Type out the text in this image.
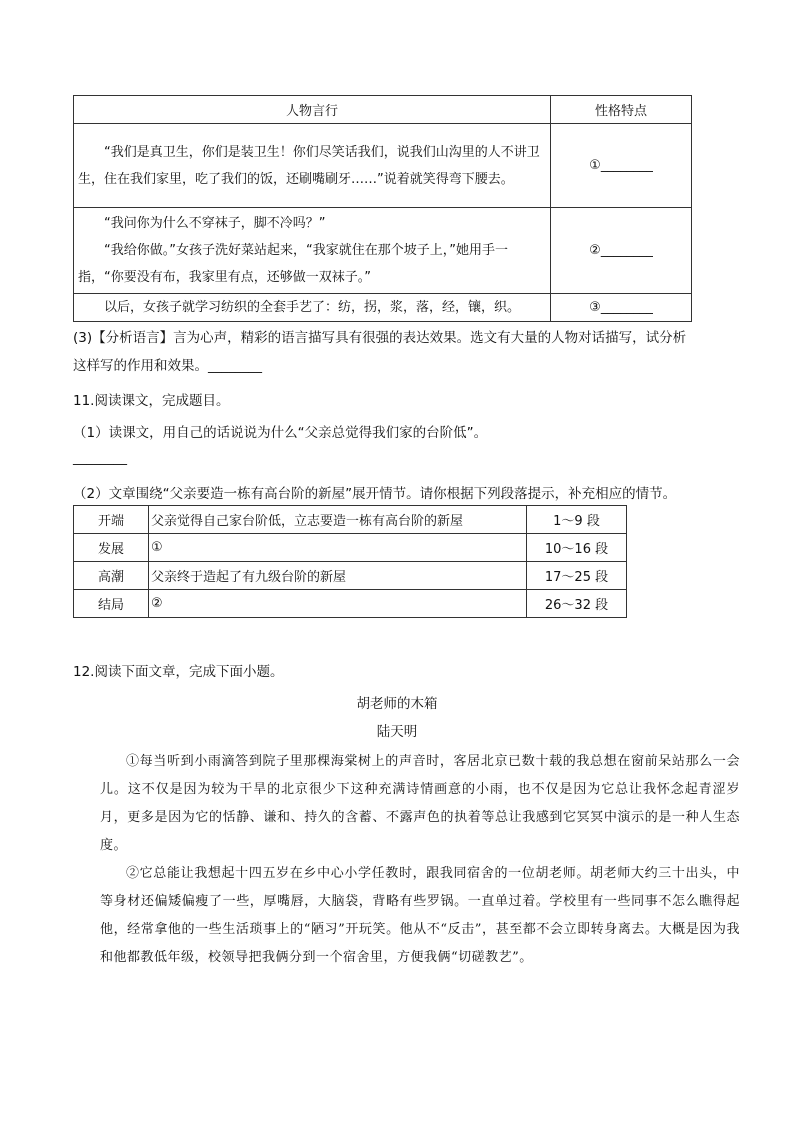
人物言行	性格特点

“我们是真卫生，你们是装卫生！你们尽笑话我们，说我们山沟里的人不讲卫生，住在我们家里，吃了我们的饭，还刷嘴刷牙……”说着就笑得弯下腰去。	①________

“我问你为什么不穿袜子，脚不冷吗？”

“我给你做。”女孩子洗好菜站起来，“我家就住在那个坡子上，”她用手一指，“你要没有布，我家里有点，还够做一双袜子。”	②________

以后，女孩子就学习纺织的全套手艺了：纺，拐，浆，落，经，镶，织。	③________
(3)【分析语言】言为心声，精彩的语言描写具有很强的表达效果。选文有大量的人物对话描写，试分析
这样写的作用和效果。________
11.阅读课文，完成题目。
（1）读课文，用自己的话说说为什么“父亲总觉得我们家的台阶低”。
________
（2）文章围绕“父亲要造一栋有高台阶的新屋”展开情节。请你根据下列段落提示，补充相应的情节。
开端	父亲觉得自己家台阶低，立志要造一栋有高台阶的新屋	1～9 段
发展	①	10～16 段
高潮	父亲终于造起了有九级台阶的新屋	17～25 段
结局	②	26～32 段
12.阅读下面文章，完成下面小题。
胡老师的木箱
陆天明

①每当听到小雨滴答到院子里那棵海棠树上的声音时，客居北京已数十载的我总想在窗前呆站那么一会儿。这不仅是因为较为干旱的北京很少下这种充满诗情画意的小雨，也不仅是因为它总让我怀念起青涩岁月，更多是因为它的恬静、谦和、持久的含蓄、不露声色的执着等总让我感到它冥冥中演示的是一种人生态度。

②它总能让我想起十四五岁在乡中心小学任教时，跟我同宿舍的一位胡老师。胡老师大约三十出头，中等身材还偏矮偏瘦了一些，厚嘴唇，大脑袋，背略有些罗锅。一直单过着。学校里有一些同事不怎么瞧得起他，经常拿他的一些生活琐事上的“陋习”开玩笑。他从不“反击”，甚至都不会立即转身离去。大概是因为我和他都教低年级，校领导把我俩分到一个宿舍里，方便我俩“切磋教艺”。
